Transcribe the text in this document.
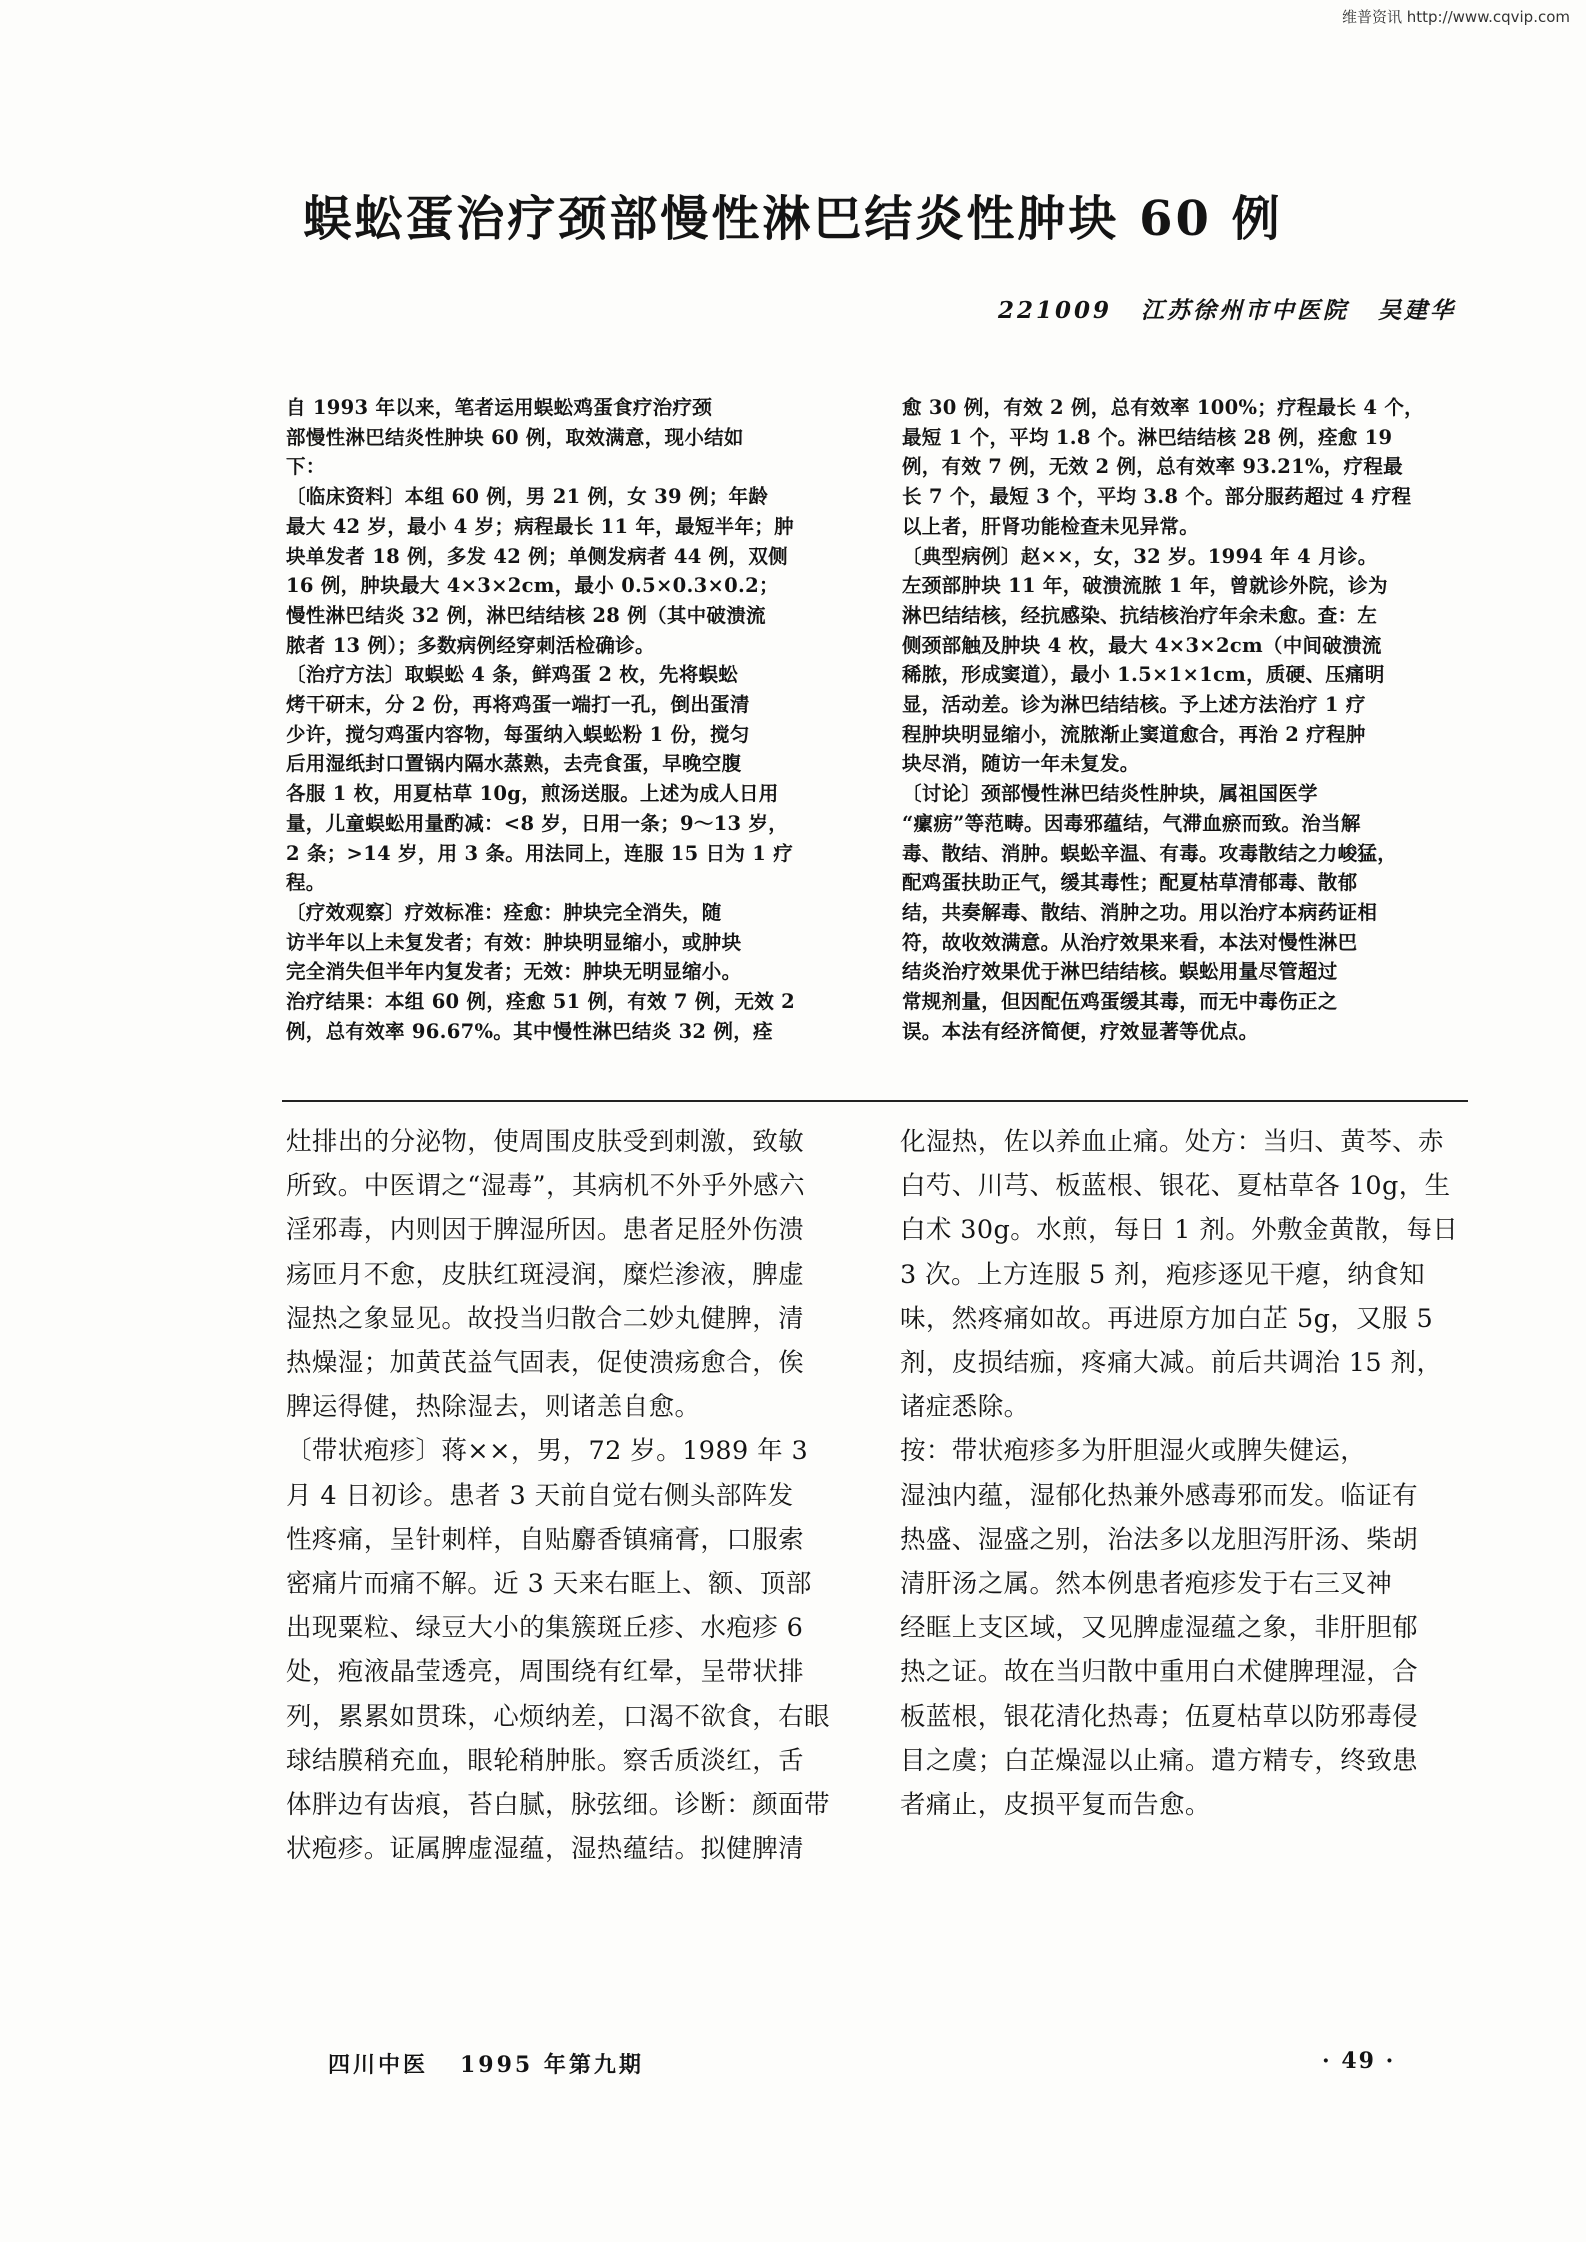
维普资讯 http://www.cqvip.com
蜈蚣蛋治疗颈部慢性淋巴结炎性肿块 60 例
221009 江苏徐州市中医院 吴建华

自 1993 年以来，笔者运用蜈蚣鸡蛋食疗治疗颈
部慢性淋巴结炎性肿块 60 例，取效满意，现小结如
下：
〔临床资料〕本组 60 例，男 21 例，女 39 例；年龄
最大 42 岁，最小 4 岁；病程最长 11 年，最短半年；肿
块单发者 18 例，多发 42 例；单侧发病者 44 例，双侧
16 例，肿块最大 4×3×2cm，最小 0.5×0.3×0.2；
慢性淋巴结炎 32 例，淋巴结结核 28 例（其中破溃流
脓者 13 例）；多数病例经穿刺活检确诊。
〔治疗方法〕取蜈蚣 4 条，鲜鸡蛋 2 枚，先将蜈蚣
烤干研末，分 2 份，再将鸡蛋一端打一孔，倒出蛋清
少许，搅匀鸡蛋内容物，每蛋纳入蜈蚣粉 1 份，搅匀
后用湿纸封口置锅内隔水蒸熟，去壳食蛋，早晚空腹
各服 1 枚，用夏枯草 10g，煎汤送服。上述为成人日用
量，儿童蜈蚣用量酌减：<8 岁，日用一条；9～13 岁，
2 条；>14 岁，用 3 条。用法同上，连服 15 日为 1 疗
程。
〔疗效观察〕疗效标准：痊愈：肿块完全消失，随
访半年以上未复发者；有效：肿块明显缩小，或肿块
完全消失但半年内复发者；无效：肿块无明显缩小。
治疗结果：本组 60 例，痊愈 51 例，有效 7 例，无效 2
例，总有效率 96.67%。其中慢性淋巴结炎 32 例，痊

愈 30 例，有效 2 例，总有效率 100%；疗程最长 4 个，
最短 1 个，平均 1.8 个。淋巴结结核 28 例，痊愈 19
例，有效 7 例，无效 2 例，总有效率 93.21%，疗程最
长 7 个，最短 3 个，平均 3.8 个。部分服药超过 4 疗程
以上者，肝肾功能检查未见异常。
〔典型病例〕赵××，女，32 岁。1994 年 4 月诊。
左颈部肿块 11 年，破溃流脓 1 年，曾就诊外院，诊为
淋巴结结核，经抗感染、抗结核治疗年余未愈。查：左
侧颈部触及肿块 4 枚，最大 4×3×2cm（中间破溃流
稀脓，形成窦道），最小 1.5×1×1cm，质硬、压痛明
显，活动差。诊为淋巴结结核。予上述方法治疗 1 疗
程肿块明显缩小，流脓渐止窦道愈合，再治 2 疗程肿
块尽消，随访一年未复发。
〔讨论〕颈部慢性淋巴结炎性肿块，属祖国医学
“瘰疬”等范畴。因毒邪蕴结，气滞血瘀而致。治当解
毒、散结、消肿。蜈蚣辛温、有毒。攻毒散结之力峻猛，
配鸡蛋扶助正气，缓其毒性；配夏枯草清郁毒、散郁
结，共奏解毒、散结、消肿之功。用以治疗本病药证相
符，故收效满意。从治疗效果来看，本法对慢性淋巴
结炎治疗效果优于淋巴结结核。蜈蚣用量尽管超过
常规剂量，但因配伍鸡蛋缓其毒，而无中毒伤正之
误。本法有经济简便，疗效显著等优点。

灶排出的分泌物，使周围皮肤受到刺激，致敏
所致。中医谓之“湿毒”，其病机不外乎外感六
淫邪毒，内则因于脾湿所因。患者足胫外伤溃
疡匝月不愈，皮肤红斑浸润，糜烂渗液，脾虚
湿热之象显见。故投当归散合二妙丸健脾，清
热燥湿；加黄芪益气固表，促使溃疡愈合，俟
脾运得健，热除湿去，则诸恙自愈。
〔带状疱疹〕蒋××，男，72 岁。1989 年 3
月 4 日初诊。患者 3 天前自觉右侧头部阵发
性疼痛，呈针刺样，自贴麝香镇痛膏，口服索
密痛片而痛不解。近 3 天来右眶上、额、顶部
出现粟粒、绿豆大小的集簇斑丘疹、水疱疹 6
处，疱液晶莹透亮，周围绕有红晕，呈带状排
列，累累如贯珠，心烦纳差，口渴不欲食，右眼
球结膜稍充血，眼轮稍肿胀。察舌质淡红，舌
体胖边有齿痕，苔白腻，脉弦细。诊断：颜面带
状疱疹。证属脾虚湿蕴，湿热蕴结。拟健脾清

化湿热，佐以养血止痛。处方：当归、黄芩、赤
白芍、川芎、板蓝根、银花、夏枯草各 10g，生
白术 30g。水煎，每日 1 剂。外敷金黄散，每日
3 次。上方连服 5 剂，疱疹逐见干瘪，纳食知
味，然疼痛如故。再进原方加白芷 5g，又服 5
剂，皮损结痂，疼痛大减。前后共调治 15 剂，
诸症悉除。
按：带状疱疹多为肝胆湿火或脾失健运，
湿浊内蕴，湿郁化热兼外感毒邪而发。临证有
热盛、湿盛之别，治法多以龙胆泻肝汤、柴胡
清肝汤之属。然本例患者疱疹发于右三叉神
经眶上支区域，又见脾虚湿蕴之象，非肝胆郁
热之证。故在当归散中重用白术健脾理湿，合
板蓝根，银花清化热毒；伍夏枯草以防邪毒侵
目之虞；白芷燥湿以止痛。遣方精专，终致患
者痛止，皮损平复而告愈。

四川中医 1995 年第九期	· 49 ·
